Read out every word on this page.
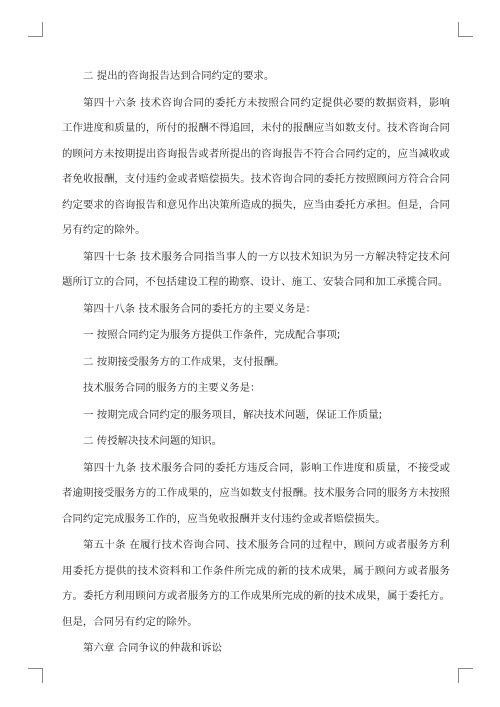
二 提出的咨询报告达到合同约定的要求。

第四十六条 技术咨询合同的委托方未按照合同约定提供必要的数据资料，影响工作进度和质量的，所付的报酬不得追回，未付的报酬应当如数支付。技术咨询合同的顾问方未按期提出咨询报告或者所提出的咨询报告不符合合同约定的，应当减收或者免收报酬，支付违约金或者赔偿损失。技术咨询合同的委托方按照顾问方符合合同约定要求的咨询报告和意见作出决策所造成的损失，应当由委托方承担。但是，合同另有约定的除外。

第四十七条 技术服务合同指当事人的一方以技术知识为另一方解决特定技术问题所订立的合同，不包括建设工程的勘察、设计、施工、安装合同和加工承揽合同。

第四十八条 技术服务合同的委托方的主要义务是：

一 按照合同约定为服务方提供工作条件，完成配合事项;

二 按期接受服务方的工作成果，支付报酬。

技术服务合同的服务方的主要义务是：

一 按期完成合同约定的服务项目，解决技术问题，保证工作质量;

二 传授解决技术问题的知识。

第四十九条 技术服务合同的委托方违反合同，影响工作进度和质量，不接受或者逾期接受服务方的工作成果的，应当如数支付报酬。技术服务合同的服务方未按照合同约定完成服务工作的，应当免收报酬并支付违约金或者赔偿损失。

第五十条 在履行技术咨询合同、技术服务合同的过程中，顾问方或者服务方利用委托方提供的技术资料和工作条件所完成的新的技术成果，属于顾问方或者服务方。委托方利用顾问方或者服务方的工作成果所完成的新的技术成果，属于委托方。但是，合同另有约定的除外。

第六章 合同争议的仲裁和诉讼
